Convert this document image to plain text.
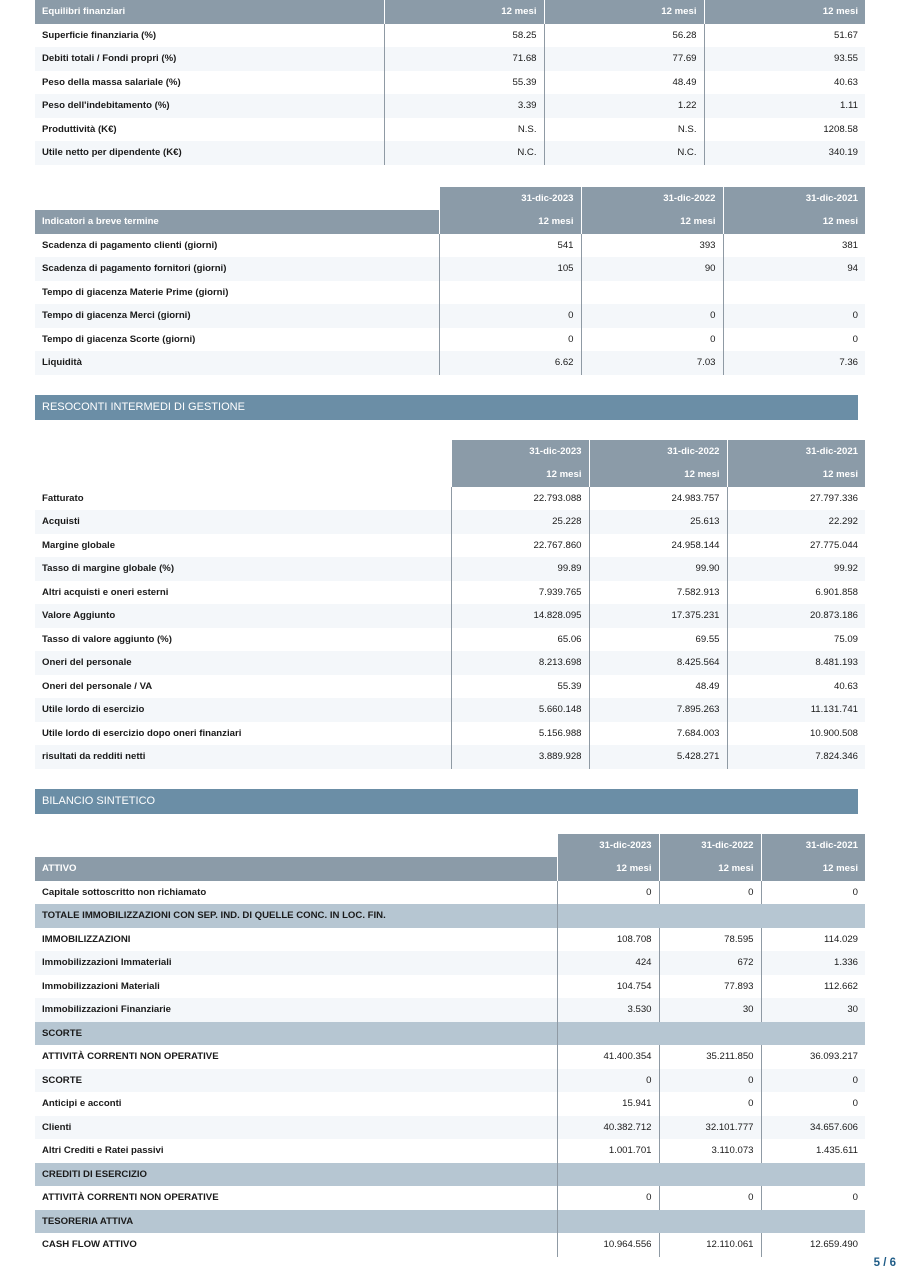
Equilibri finanziari	12 mesi	12 mesi	12 mesi
Superficie finanziaria (%)	58.25	56.28	51.67
Debiti totali / Fondi propri (%)	71.68	77.69	93.55
Peso della massa salariale (%)	55.39	48.49	40.63
Peso dell'indebitamento (%)	3.39	1.22	1.11
Produttività (K€)	N.S.	N.S.	1208.58
Utile netto per dipendente (K€)	N.C.	N.C.	340.19
	31-dic-2023	31-dic-2022	31-dic-2021
Indicatori a breve termine	12 mesi	12 mesi	12 mesi
Scadenza di pagamento clienti (giorni)	541	393	381
Scadenza di pagamento fornitori (giorni)	105	90	94
Tempo di giacenza Materie Prime (giorni)			
Tempo di giacenza Merci (giorni)	0	0	0
Tempo di giacenza Scorte (giorni)	0	0	0
Liquidità	6.62	7.03	7.36
RESOCONTI INTERMEDI DI GESTIONE
	31-dic-2023	31-dic-2022	31-dic-2021
	12 mesi	12 mesi	12 mesi
Fatturato	22.793.088	24.983.757	27.797.336
Acquisti	25.228	25.613	22.292
Margine globale	22.767.860	24.958.144	27.775.044
Tasso di margine globale (%)	99.89	99.90	99.92
Altri acquisti e oneri esterni	7.939.765	7.582.913	6.901.858
Valore Aggiunto	14.828.095	17.375.231	20.873.186
Tasso di valore aggiunto (%)	65.06	69.55	75.09
Oneri del personale	8.213.698	8.425.564	8.481.193
Oneri del personale / VA	55.39	48.49	40.63
Utile lordo di esercizio	5.660.148	7.895.263	11.131.741
Utile lordo di esercizio dopo oneri finanziari	5.156.988	7.684.003	10.900.508
risultati da redditi netti	3.889.928	5.428.271	7.824.346
BILANCIO SINTETICO
	31-dic-2023	31-dic-2022	31-dic-2021
ATTIVO	12 mesi	12 mesi	12 mesi
Capitale sottoscritto non richiamato	0	0	0
TOTALE IMMOBILIZZAZIONI CON SEP. IND. DI QUELLE CONC. IN LOC. FIN.			
IMMOBILIZZAZIONI	108.708	78.595	114.029
Immobilizzazioni Immateriali	424	672	1.336
Immobilizzazioni Materiali	104.754	77.893	112.662
Immobilizzazioni Finanziarie	3.530	30	30
SCORTE			
ATTIVITÀ CORRENTI NON OPERATIVE	41.400.354	35.211.850	36.093.217
SCORTE	0	0	0
Anticipi e acconti	15.941	0	0
Clienti	40.382.712	32.101.777	34.657.606
Altri Crediti e Ratei passivi	1.001.701	3.110.073	1.435.611
CREDITI DI ESERCIZIO			
ATTIVITÀ CORRENTI NON OPERATIVE	0	0	0
TESORERIA ATTIVA			
CASH FLOW ATTIVO	10.964.556	12.110.061	12.659.490
5 / 6
